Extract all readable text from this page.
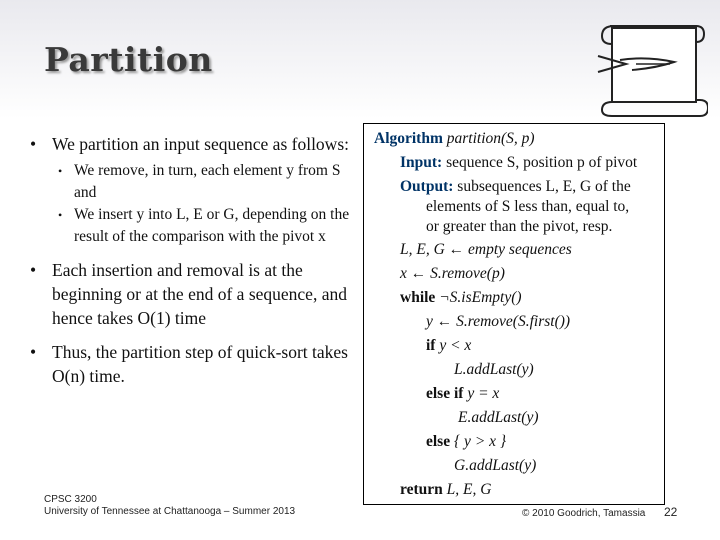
Partition
• We partition an input sequence as follows:
• We remove, in turn, each element y from S and
• We insert y into L, E or G, depending on the result of the comparison with the pivot x
• Each insertion and removal is at the beginning or at the end of a sequence, and hence takes O(1) time
• Thus, the partition step of quick-sort takes O(n) time.
CPSC 3200
University of Tennessee at Chattanooga – Summer 2013
Algorithm partition(S, p)
Input: sequence S, position p of pivot
Output: subsequences L, E, G of the
elements of S less than, equal to,
or greater than the pivot, resp.
L, E, G ← empty sequences
x ← S.remove(p)
while ¬S.isEmpty()
y ← S.remove(S.first())
if y < x
L.addLast(y)
else if y = x
E.addLast(y)
else { y > x }
G.addLast(y)
return L, E, G
© 2010 Goodrich, Tamassia 22
